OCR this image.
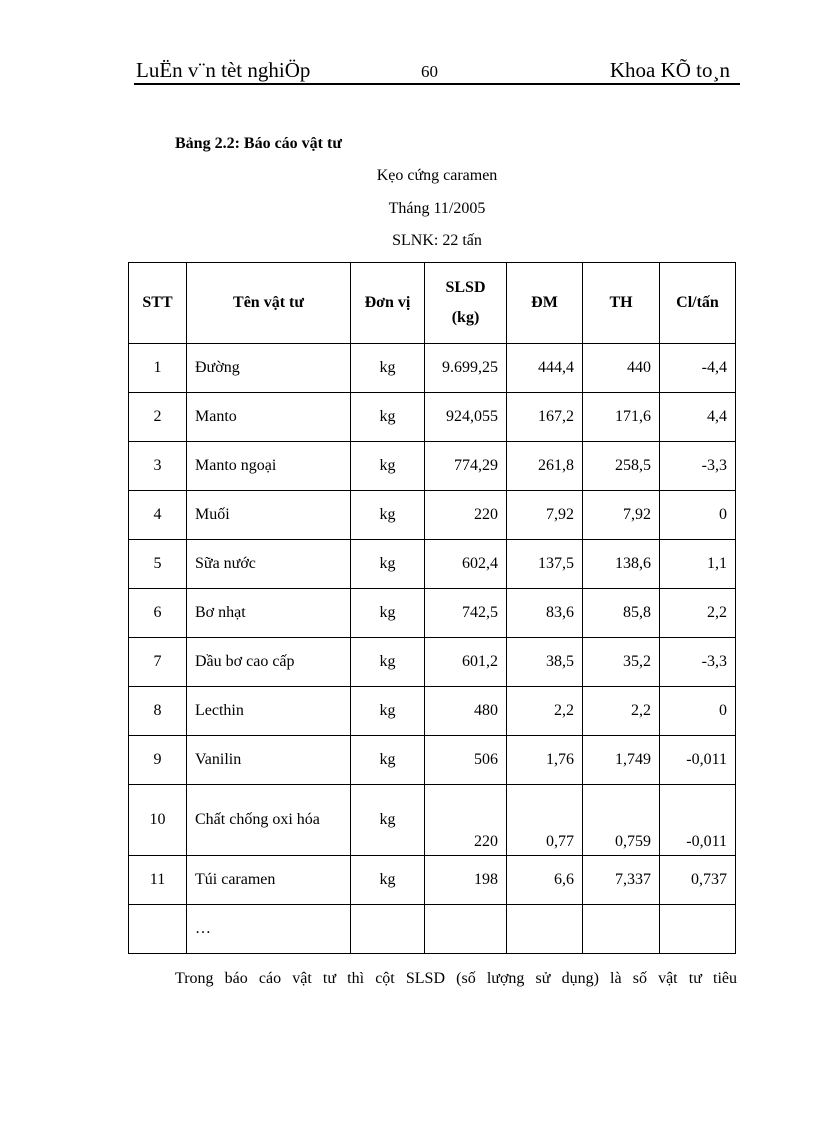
LuËn v¨n tèt nghiÖp	60	Khoa KÕ to¸n
Bảng 2.2: Báo cáo vật tư
Kẹo cứng caramen
Tháng 11/2005
SLNK: 22 tấn
STT	Tên vật tư	Đơn vị	SLSD (kg)	ĐM	TH	Cl/tấn
1	Đường	kg	9.699,25	444,4	440	-4,4
2	Manto	kg	924,055	167,2	171,6	4,4
3	Manto ngoại	kg	774,29	261,8	258,5	-3,3
4	Muối	kg	220	7,92	7,92	0
5	Sữa nước	kg	602,4	137,5	138,6	1,1
6	Bơ nhạt	kg	742,5	83,6	85,8	2,2
7	Dầu bơ cao cấp	kg	601,2	38,5	35,2	-3,3
8	Lecthin	kg	480	2,2	2,2	0
9	Vanilin	kg	506	1,76	1,749	-0,011
10	Chất chống oxi hóa	kg	220	0,77	0,759	-0,011
11	Túi caramen	kg	198	6,6	7,337	0,737
	…					
Trong báo cáo vật tư thì cột SLSD (số lượng sử dụng) là số vật tư tiêu
